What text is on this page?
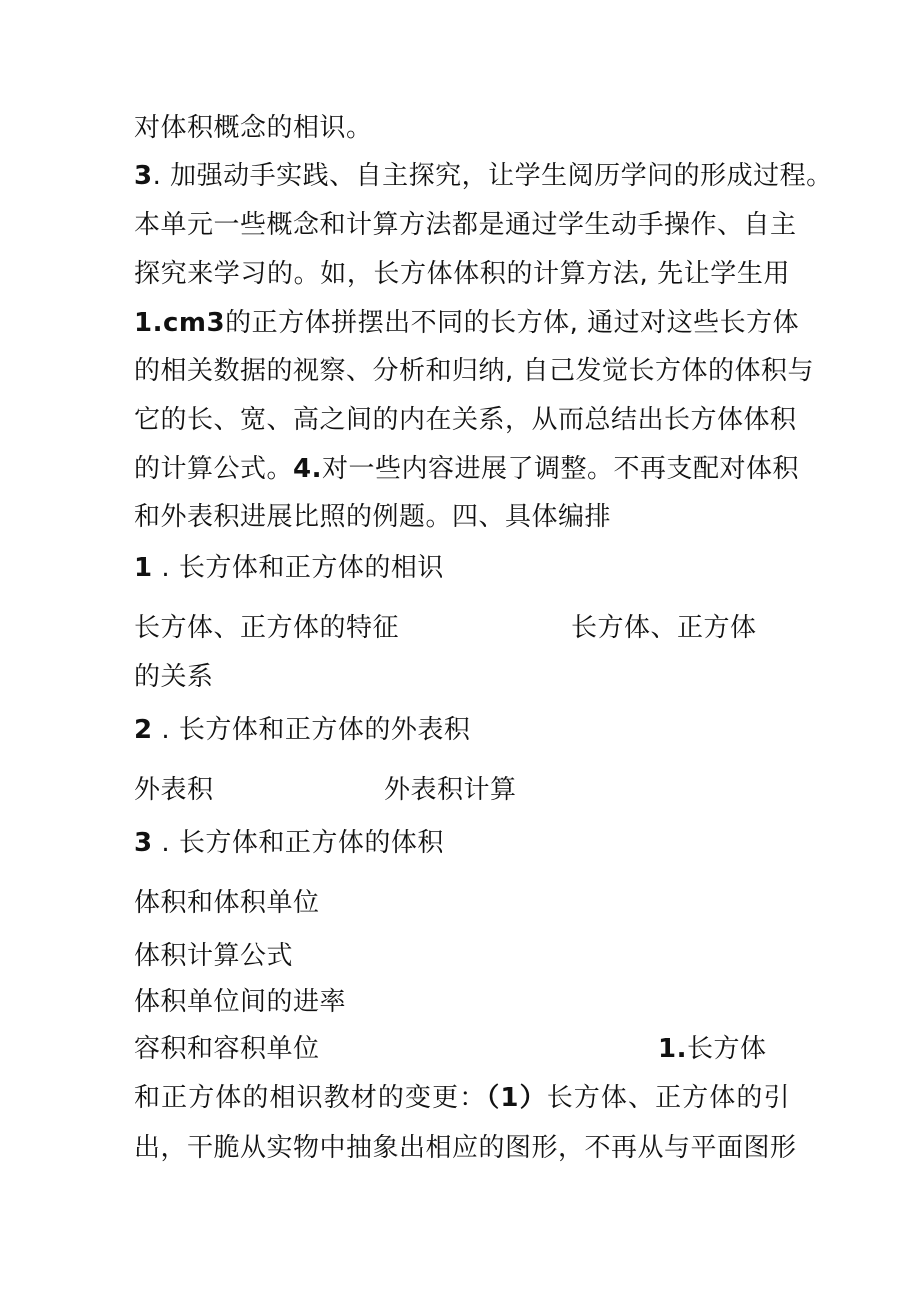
对体积概念的相识。

3. 加强动手实践、自主探究，让学生阅历学问的形成过程。

本单元一些概念和计算方法都是通过学生动手操作、自主

探究来学习的。如，长方体体积的计算方法, 先让学生用

1.cm3的正方体拼摆出不同的长方体, 通过对这些长方体

的相关数据的视察、分析和归纳, 自己发觉长方体的体积与

它的长、宽、高之间的内在关系，从而总结出长方体体积

的计算公式。4.对一些内容进展了调整。不再支配对体积

和外表积进展比照的例题。四、具体编排

1 . 长方体和正方体的相识

长方体、正方体的特征	长方体、正方体

的关系

2 . 长方体和正方体的外表积

外表积	外表积计算

3 . 长方体和正方体的体积

体积和体积单位

体积计算公式

体积单位间的进率

容积和容积单位	1.长方体

和正方体的相识教材的变更：（1）长方体、正方体的引

出，干脆从实物中抽象出相应的图形，不再从与平面图形
